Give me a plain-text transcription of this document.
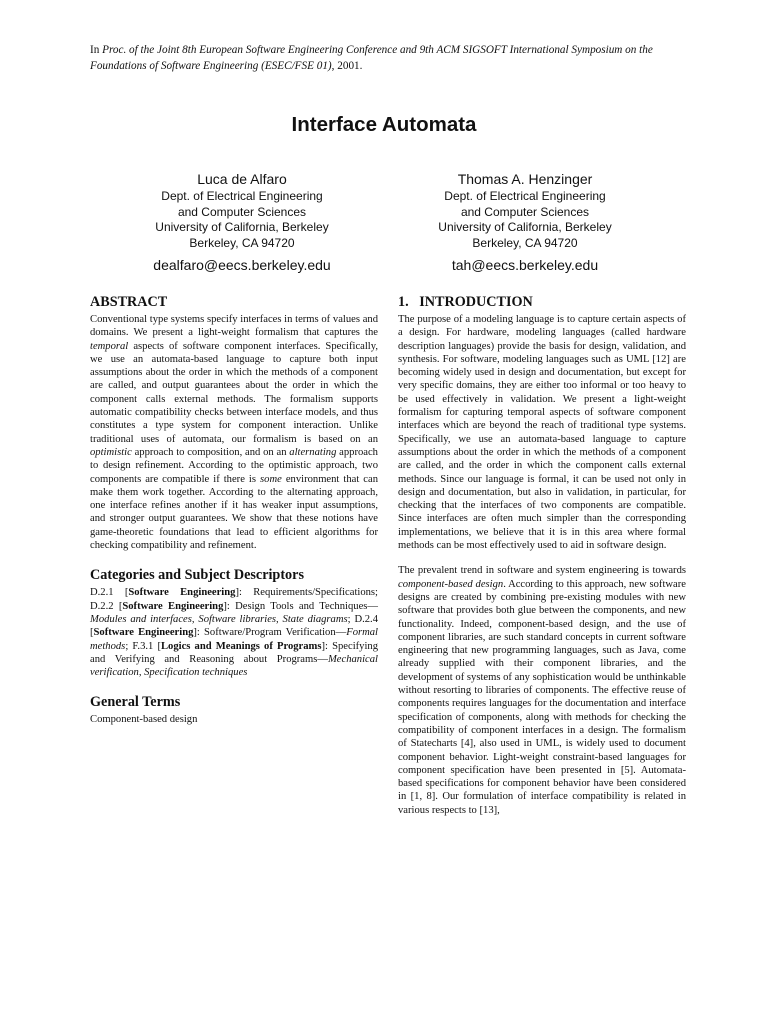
In Proc. of the Joint 8th European Software Engineering Conference and 9th ACM SIGSOFT International Symposium on the Foundations of Software Engineering (ESEC/FSE 01), 2001.
Interface Automata
Luca de Alfaro
Dept. of Electrical Engineering
and Computer Sciences
University of California, Berkeley
Berkeley, CA 94720
dealfaro@eecs.berkeley.edu
Thomas A. Henzinger
Dept. of Electrical Engineering
and Computer Sciences
University of California, Berkeley
Berkeley, CA 94720
tah@eecs.berkeley.edu
ABSTRACT

Conventional type systems specify interfaces in terms of values and domains. We present a light-weight formalism that captures the temporal aspects of software component interfaces. Specifically, we use an automata-based language to capture both input assumptions about the order in which the methods of a component are called, and output guarantees about the order in which the component calls external methods. The formalism supports automatic compatibility checks between interface models, and thus constitutes a type system for component interaction. Unlike traditional uses of automata, our formalism is based on an optimistic approach to composition, and on an alternating approach to design refinement. According to the optimistic approach, two components are compatible if there is some environment that can make them work together. According to the alternating approach, one interface refines another if it has weaker input assumptions, and stronger output guarantees. We show that these notions have game-theoretic foundations that lead to efficient algorithms for checking compatibility and refinement.

Categories and Subject Descriptors

D.2.1 [Software Engineering]: Requirements/Specifications; D.2.2 [Software Engineering]: Design Tools and Techniques—Modules and interfaces, Software libraries, State diagrams; D.2.4 [Software Engineering]: Software/Program Verification—Formal methods; F.3.1 [Logics and Meanings of Programs]: Specifying and Verifying and Reasoning about Programs—Mechanical verification, Specification techniques

General Terms

Component-based design

1.   INTRODUCTION

The purpose of a modeling language is to capture certain aspects of a design. For hardware, modeling languages (called hardware description languages) provide the basis for design, validation, and synthesis. For software, modeling languages such as UML [12] are becoming widely used in design and documentation, but except for very specific domains, they are either too informal or too heavy to be used effectively in validation. We present a light-weight formalism for capturing temporal aspects of software component interfaces which are beyond the reach of traditional type systems. Specifically, we use an automata-based language to capture assumptions about the order in which the methods of a component are called, and the order in which the component calls external methods. Since our language is formal, it can be used not only in design and documentation, but also in validation, in particular, for checking that the interfaces of two components are compatible. Since interfaces are often much simpler than the corresponding implementations, we believe that it is in this area where formal methods can be most effectively used to aid in software design.

The prevalent trend in software and system engineering is towards component-based design. According to this approach, new software designs are created by combining pre-existing modules with new software that provides both glue between the components, and new functionality. Indeed, component-based design, and the use of component libraries, are such standard concepts in current software engineering that new programming languages, such as Java, come already supplied with their component libraries, and the development of systems of any sophistication would be unthinkable without resorting to libraries of components. The effective reuse of components requires languages for the documentation and interface specification of components, along with methods for checking the compatibility of component interfaces in a design. The formalism of Statecharts [4], also used in UML, is widely used to document component behavior. Light-weight constraint-based languages for component specification have been presented in [5]. Automata-based specifications for component behavior have been considered in [1, 8]. Our formulation of interface compatibility is related in various respects to [13],
